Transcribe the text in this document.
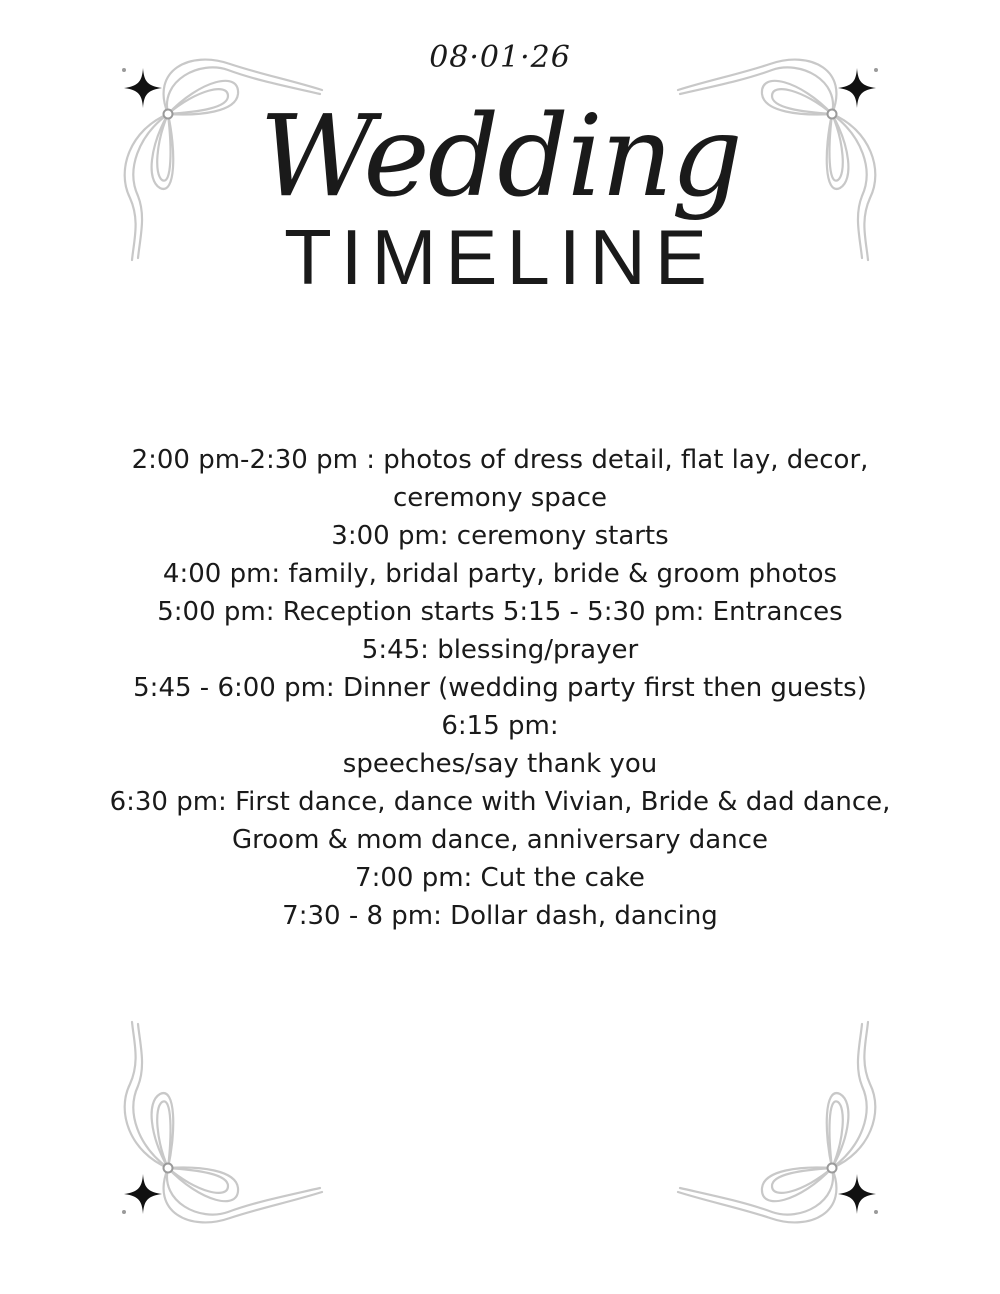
08·01·26
Wedding
TIMELINE
2:00 pm-2:30 pm : photos of dress detail, flat lay, decor,
ceremony space
3:00 pm: ceremony starts
4:00 pm: family, bridal party, bride & groom photos
5:00 pm: Reception starts 5:15 - 5:30 pm: Entrances
5:45: blessing/prayer
5:45 - 6:00 pm: Dinner (wedding party first then guests)
6:15 pm:
speeches/say thank you
6:30 pm: First dance, dance with Vivian, Bride & dad dance,
Groom & mom dance, anniversary dance
7:00 pm: Cut the cake
7:30 - 8 pm: Dollar dash, dancing
